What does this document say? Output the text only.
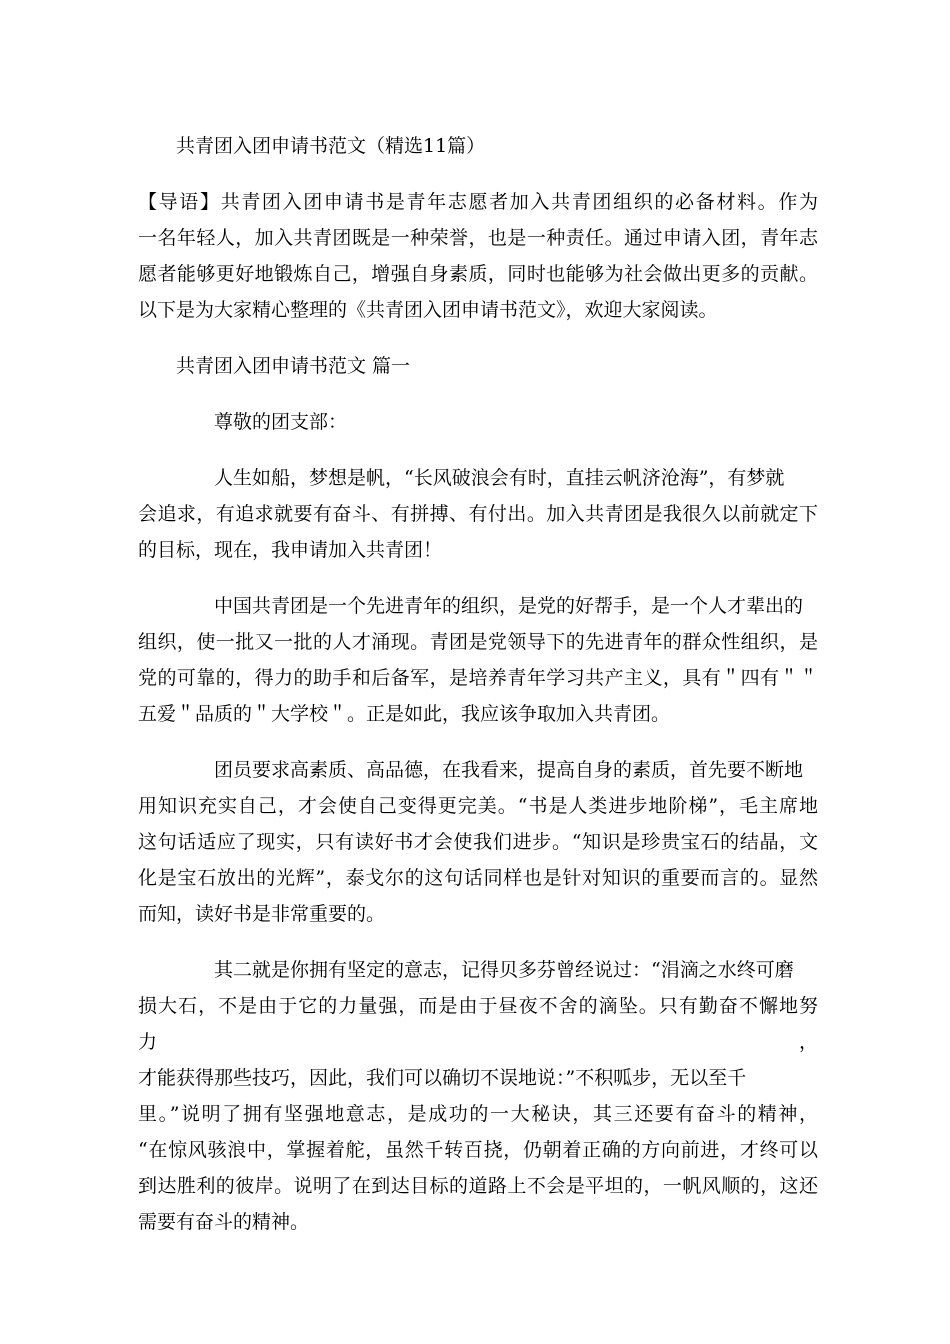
共青团入团申请书范文（精选11篇）
【导语】共青团入团申请书是青年志愿者加入共青团组织的必备材料。作为
一名年轻人，加入共青团既是一种荣誉，也是一种责任。通过申请入团，青年志
愿者能够更好地锻炼自己，增强自身素质，同时也能够为社会做出更多的贡献。
以下是为大家精心整理的《共青团入团申请书范文》，欢迎大家阅读。
共青团入团申请书范文 篇一
尊敬的团支部：
人生如船，梦想是帆，“长风破浪会有时，直挂云帆济沧海”，有梦就
会追求，有追求就要有奋斗、有拼搏、有付出。加入共青团是我很久以前就定下
的目标，现在，我申请加入共青团！
中国共青团是一个先进青年的组织，是党的好帮手，是一个人才辈出的
组织，使一批又一批的人才涌现。青团是党领导下的先进青年的群众性组织，是
党的可靠的，得力的助手和后备军，是培养青年学习共产主义，具有＂四有＂＂
五爱＂品质的＂大学校＂。正是如此，我应该争取加入共青团。
团员要求高素质、高品德，在我看来，提高自身的素质，首先要不断地
用知识充实自己，才会使自己变得更完美。“书是人类进步地阶梯”，毛主席地
这句话适应了现实，只有读好书才会使我们进步。“知识是珍贵宝石的结晶，文
化是宝石放出的光辉”，泰戈尔的这句话同样也是针对知识的重要而言的。显然
而知，读好书是非常重要的。
其二就是你拥有坚定的意志，记得贝多芬曾经说过：“涓滴之水终可磨
损大石，不是由于它的力量强，而是由于昼夜不舍的滴坠。只有勤奋不懈地努力，
才能获得那些技巧，因此，我们可以确切不误地说：”不积呱步，无以至千
里。”说明了拥有坚强地意志，是成功的一大秘诀，其三还要有奋斗的精神，
“在惊风骇浪中，掌握着舵，虽然千转百挠，仍朝着正确的方向前进，才终可以
到达胜利的彼岸。说明了在到达目标的道路上不会是平坦的，一帆风顺的，这还
需要有奋斗的精神。
